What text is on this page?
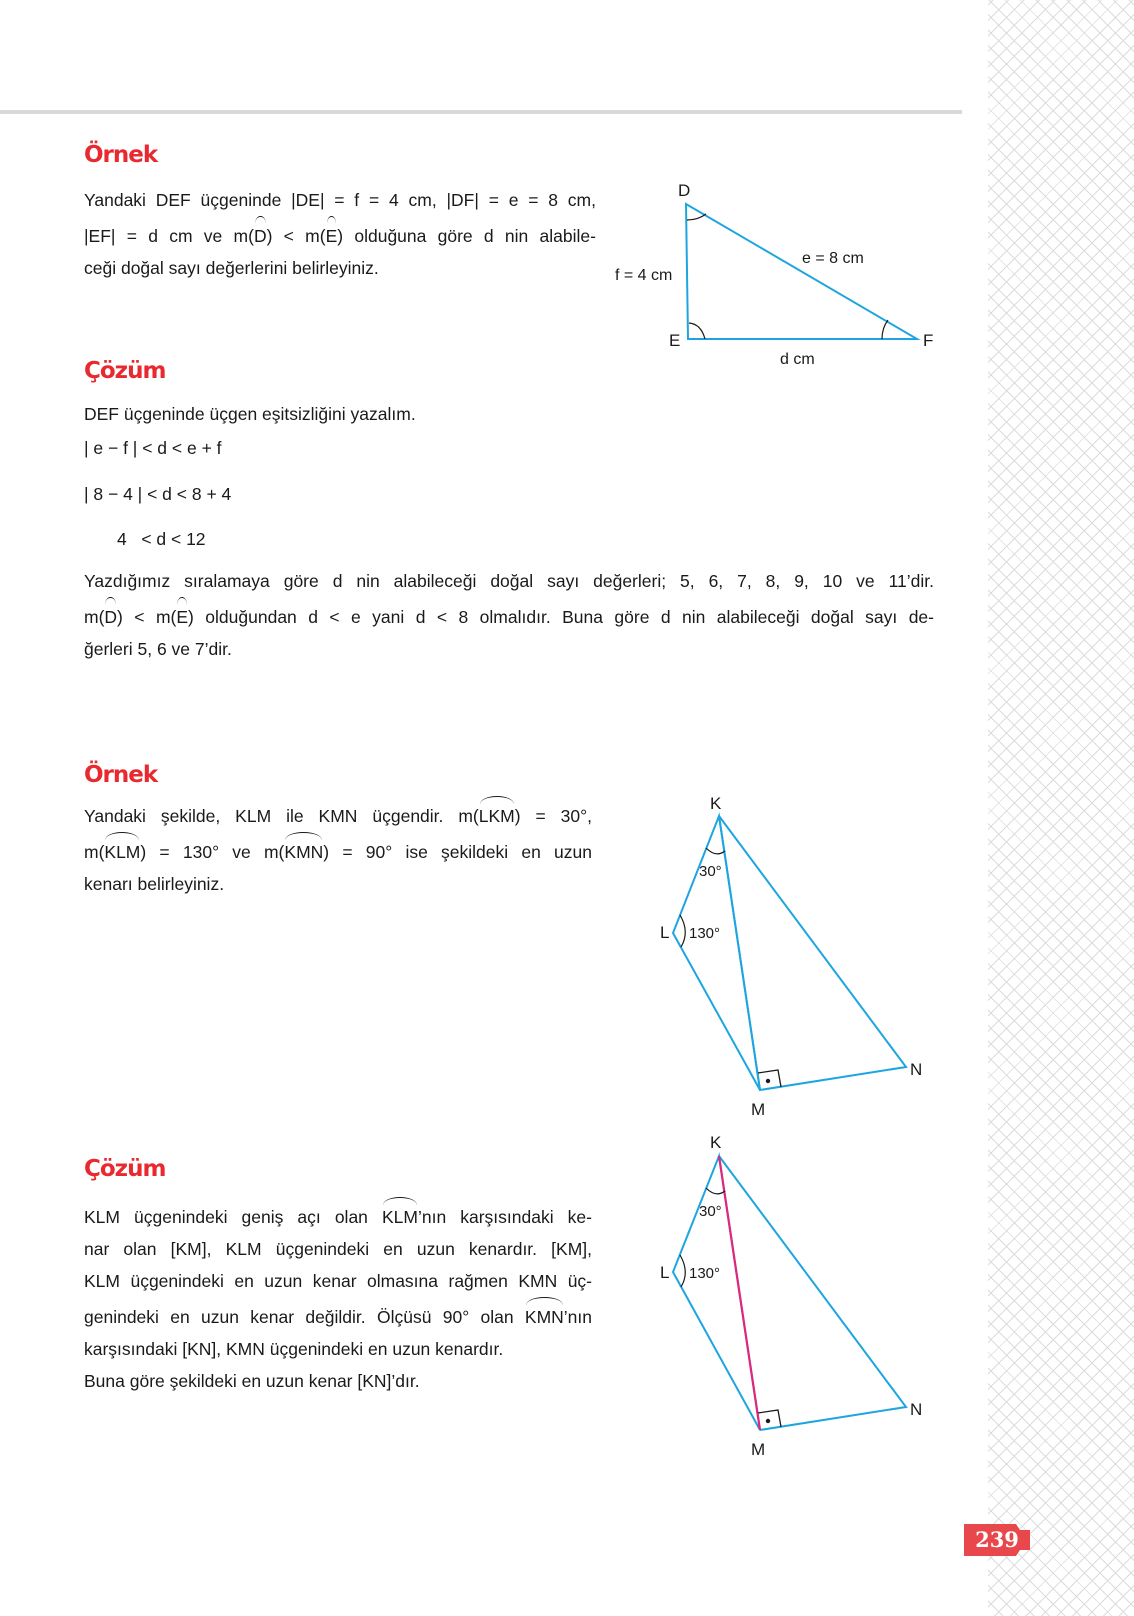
Örnek
Yandaki DEF üçgeninde |DE| = f = 4 cm, |DF| = e = 8 cm,
|EF| = d cm ve m(D) < m(E) olduğuna göre d nin alabile-
ceği doğal sayı değerlerini belirleyiniz.
D
E	F
f = 4 cm
e = 8 cm
d cm
Çözüm
DEF üçgeninde üçgen eşitsizliğini yazalım.
| e − f | < d < e + f
| 8 − 4 | < d < 8 + 4
4   < d < 12
Yazdığımız sıralamaya göre d nin alabileceği doğal sayı değerleri; 5, 6, 7, 8, 9, 10 ve 11’dir.
m(D) < m(E) olduğundan d < e yani d < 8 olmalıdır. Buna göre d nin alabileceği doğal sayı de-
ğerleri 5, 6 ve 7’dir.
Örnek
Yandaki şekilde, KLM ile KMN üçgendir. m(LKM) = 30°,
m(KLM) = 130° ve m(KMN) = 90° ise şekildeki en uzun
kenarı belirleyiniz.
K
L
M
N
30°
130°
Çözüm
KLM üçgenindeki geniş açı olan KLM’nın karşısındaki ke-
nar olan [KM], KLM üçgenindeki en uzun kenardır. [KM],
KLM üçgenindeki en uzun kenar olmasına rağmen KMN üç-
genindeki en uzun kenar değildir. Ölçüsü 90° olan KMN’nın
karşısındaki [KN], KMN üçgenindeki en uzun kenardır.
Buna göre şekildeki en uzun kenar [KN]’dır.
K
L
M
N
30°
130°
239
